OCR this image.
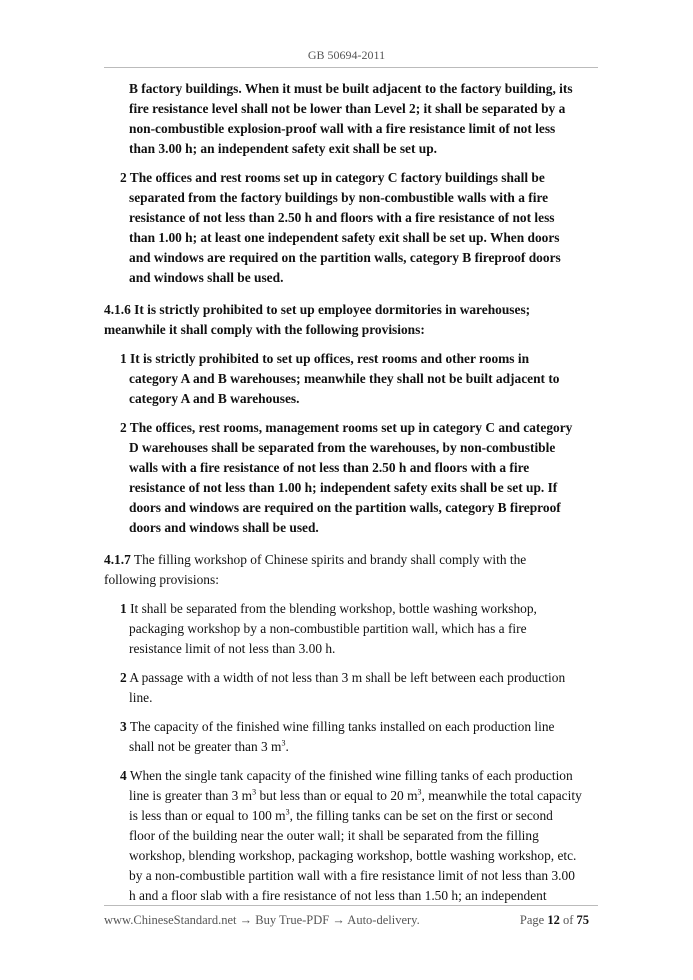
GB 50694-2011

B factory buildings. When it must be built adjacent to the factory building, its

fire resistance level shall not be lower than Level 2; it shall be separated by a

non-combustible explosion-proof wall with a fire resistance limit of not less

than 3.00 h; an independent safety exit shall be set up.

2 The offices and rest rooms set up in category C factory buildings shall be

separated from the factory buildings by non-combustible walls with a fire

resistance of not less than 2.50 h and floors with a fire resistance of not less

than 1.00 h; at least one independent safety exit shall be set up. When doors

and windows are required on the partition walls, category B fireproof doors

and windows shall be used.

4.1.6 It is strictly prohibited to set up employee dormitories in warehouses;

meanwhile it shall comply with the following provisions:

1 It is strictly prohibited to set up offices, rest rooms and other rooms in

category A and B warehouses; meanwhile they shall not be built adjacent to

category A and B warehouses.

2 The offices, rest rooms, management rooms set up in category C and category

D warehouses shall be separated from the warehouses, by non-combustible

walls with a fire resistance of not less than 2.50 h and floors with a fire

resistance of not less than 1.00 h; independent safety exits shall be set up. If

doors and windows are required on the partition walls, category B fireproof

doors and windows shall be used.

4.1.7 The filling workshop of Chinese spirits and brandy shall comply with the

following provisions:

1 It shall be separated from the blending workshop, bottle washing workshop,

packaging workshop by a non-combustible partition wall, which has a fire

resistance limit of not less than 3.00 h.

2 A passage with a width of not less than 3 m shall be left between each production

line.

3 The capacity of the finished wine filling tanks installed on each production line

shall not be greater than 3 $m^3$.

4 When the single tank capacity of the finished wine filling tanks of each production

line is greater than 3 $m^3$ but less than or equal to 20 $m^3$, meanwhile the total capacity

is less than or equal to 100 $m^3$, the filling tanks can be set on the first or second

floor of the building near the outer wall; it shall be separated from the filling

workshop, blending workshop, packaging workshop, bottle washing workshop, etc.

by a non-combustible partition wall with a fire resistance limit of not less than 3.00

h and a floor slab with a fire resistance of not less than 1.50 h; an independent

www.ChineseStandard.net → Buy True-PDF → Auto-delivery.	Page 12 of 75
